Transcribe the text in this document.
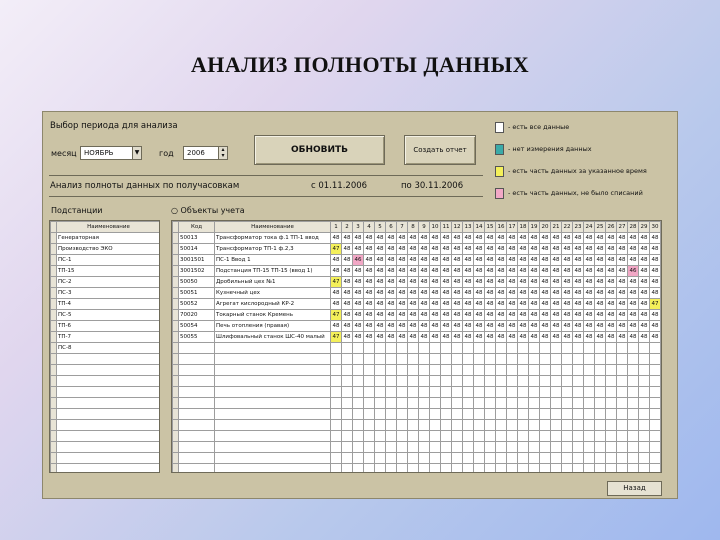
АНАЛИЗ ПОЛНОТЫ ДАННЫХ
Выбор периода для анализа
месяц	НОЯБРЬ	▼	год	2006	▴
▾
ОБНОВИТЬ	Создать отчет
- есть все данные
- нет измерения данных
- есть часть данных за указанное время
- есть часть данных, не было списаний
Анализ полноты данных по получасовкам	с 01.11.2006	по 30.11.2006
Подстанции	○ Объекты учета
	Наименование
	Генераторная
	Производство ЭКО
	ПС-1
	ТП-15
	ПС-2
	ПС-3
	ТП-4
	ПС-5
	ТП-6
	ТП-7
	ПС-8

	Код	Наименование	1	2	3	4	5	6	7	8	9	10	11	12	13	14	15	16	17	18	19	20	21	22	23	24	25	26	27	28	29	30
	50013	Трансформатор тока ф.1 ТП-1 ввод	48	48	48	48	48	48	48	48	48	48	48	48	48	48	48	48	48	48	48	48	48	48	48	48	48	48	48	48	48	48
	50014	Трансформатор ТП-1 ф.2,3	47	48	48	48	48	48	48	48	48	48	48	48	48	48	48	48	48	48	48	48	48	48	48	48	48	48	48	48	48	48
	3001501	ПС-1 Ввод 1	48	48	46	48	48	48	48	48	48	48	48	48	48	48	48	48	48	48	48	48	48	48	48	48	48	48	48	48	48	48
	3001502	Подстанция ТП-15 ТП-15 (ввод 1)	48	48	48	48	48	48	48	48	48	48	48	48	48	48	48	48	48	48	48	48	48	48	48	48	48	48	48	46	48	48
	50050	Дробильный цех №1	47	48	48	48	48	48	48	48	48	48	48	48	48	48	48	48	48	48	48	48	48	48	48	48	48	48	48	48	48	48
	50051	Кузнечный цех	48	48	48	48	48	48	48	48	48	48	48	48	48	48	48	48	48	48	48	48	48	48	48	48	48	48	48	48	48	48
	50052	Агрегат кислородный КР-2	48	48	48	48	48	48	48	48	48	48	48	48	48	48	48	48	48	48	48	48	48	48	48	48	48	48	48	48	48	47
	70020	Токарный станок Кремень	47	48	48	48	48	48	48	48	48	48	48	48	48	48	48	48	48	48	48	48	48	48	48	48	48	48	48	48	48	48
	50054	Печь отопления (правая)	48	48	48	48	48	48	48	48	48	48	48	48	48	48	48	48	48	48	48	48	48	48	48	48	48	48	48	48	48	48
	50055	Шлифовальный станок ШС-40 малый	47	48	48	48	48	48	48	48	48	48	48	48	48	48	48	48	48	48	48	48	48	48	48	48	48	48	48	48	48	48

Назад
